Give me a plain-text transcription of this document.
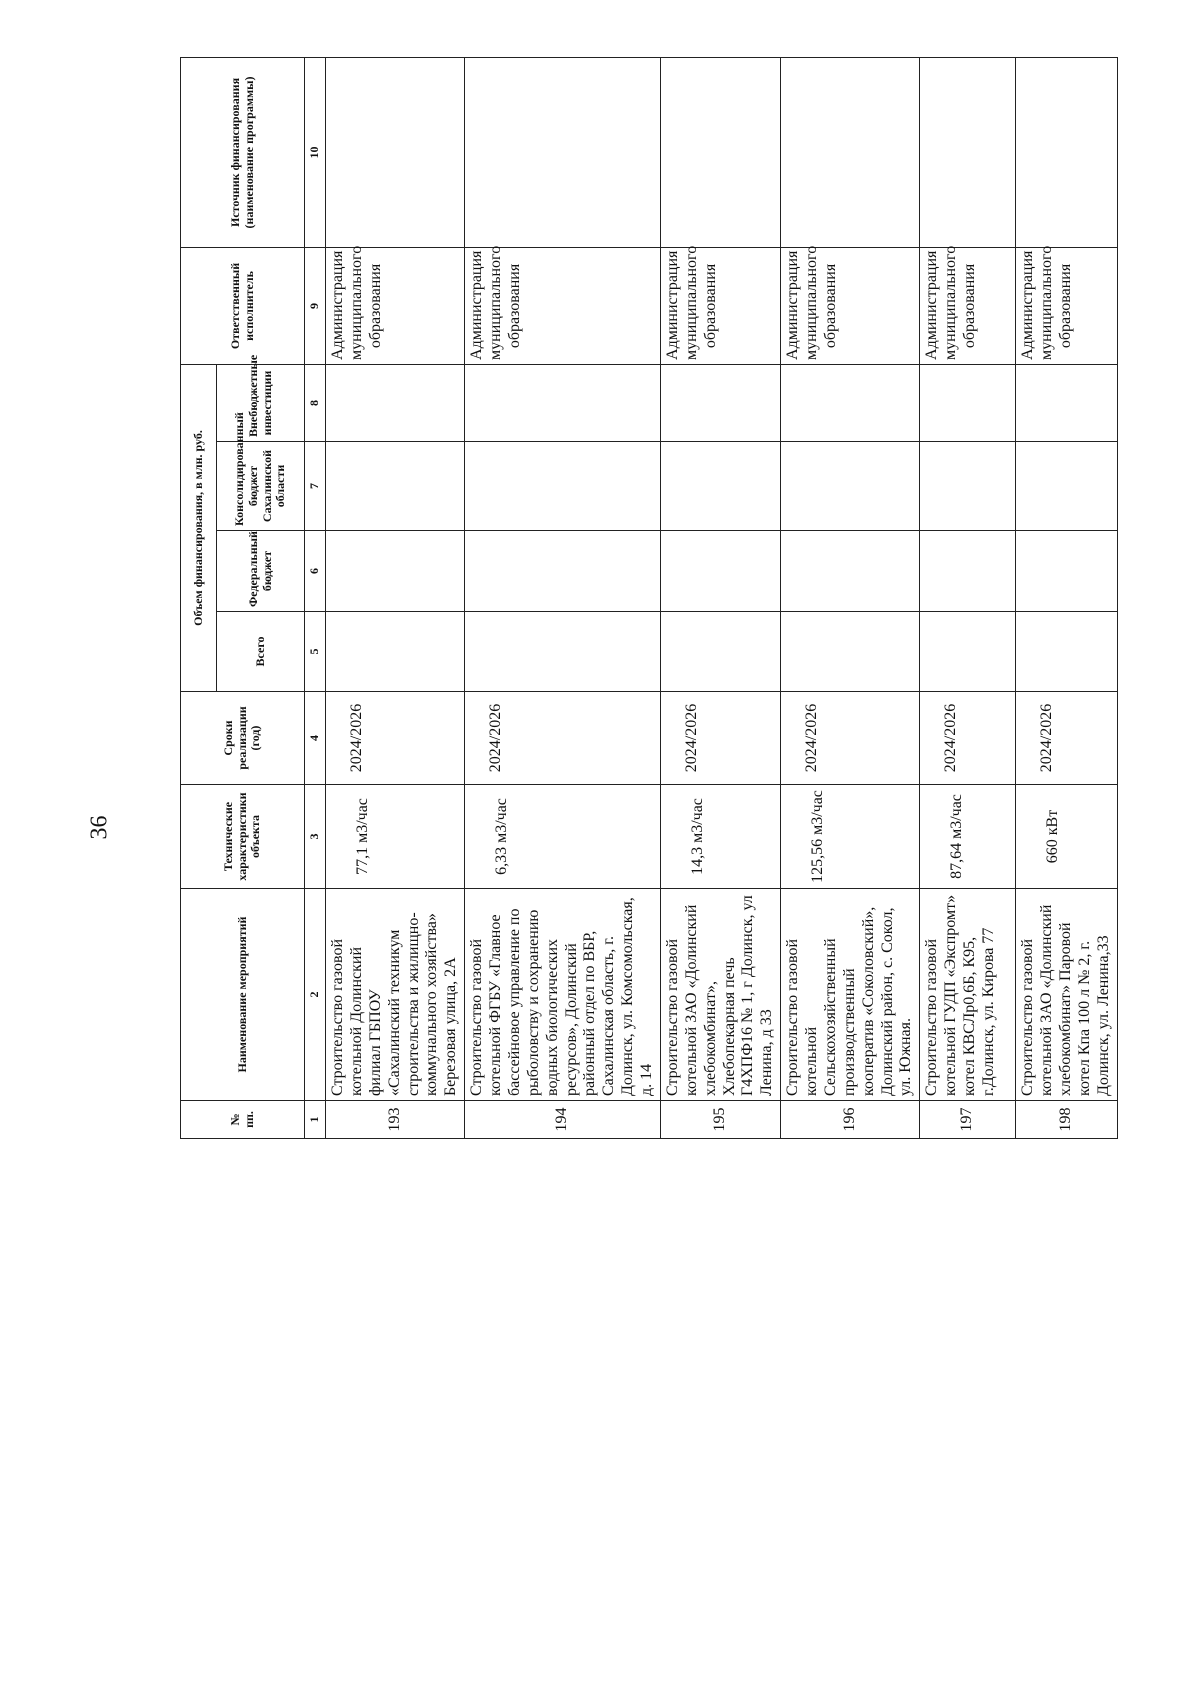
36
№ пп.	Наименование мероприятий	Технические характеристики объекта	Сроки реализации (год)	Объем финансирования, в млн. руб.				Ответственный исполнитель	Источник финансирования (наименование программы)
				Всего	Федеральный бюджет	Консолидированный бюджет Сахалинской области	Внебюджетные инвестиции		
1	2	3	4	5	6	7	8	9	10
193	Строительство газовой котельной Долинский филиал ГБПОУ «Сахалинский техникум строительства и жилищно-коммунального хозяйства» Березовая улица, 2А	77,1 м3/час	2024/2026					Администрация муниципального образования	
194	Строительство газовой котельной ФГБУ «Главное бассейновое управление по рыболовству и сохранению водных биологических ресурсов», Долинский районный отдел по ВБР, Сахалинская область, г. Долинск, ул. Комсомольская, д. 14	6,33 м3/час	2024/2026					Администрация муниципального образования	
195	Строительство газовой котельной ЗАО «Долинский хлебокомбинат», Хлебопекарная печь Г4ХПФ16 № 1, г Долинск, ул Ленина, д 33	14,3 м3/час	2024/2026					Администрация муниципального образования	
196	Строительство газовой котельной Сельскохозяйственный производственный кооператив «Соколовский», Долинский район, с. Сокол, ул. Южная.	125,56 м3/час	2024/2026					Администрация муниципального образования	
197	Строительство газовой котельной ГУДП «Экспромт» котел КВСЛр0,6Б, К95, г.Долинск, ул. Кирова 77	87,64 м3/час	2024/2026					Администрация муниципального образования	
198	Строительство газовой котельной ЗАО «Долинский хлебокомбинат» Паровой котел Кпа 100 л № 2, г. Долинск, ул. Ленина,33	660 кВт	2024/2026					Администрация муниципального образования	
